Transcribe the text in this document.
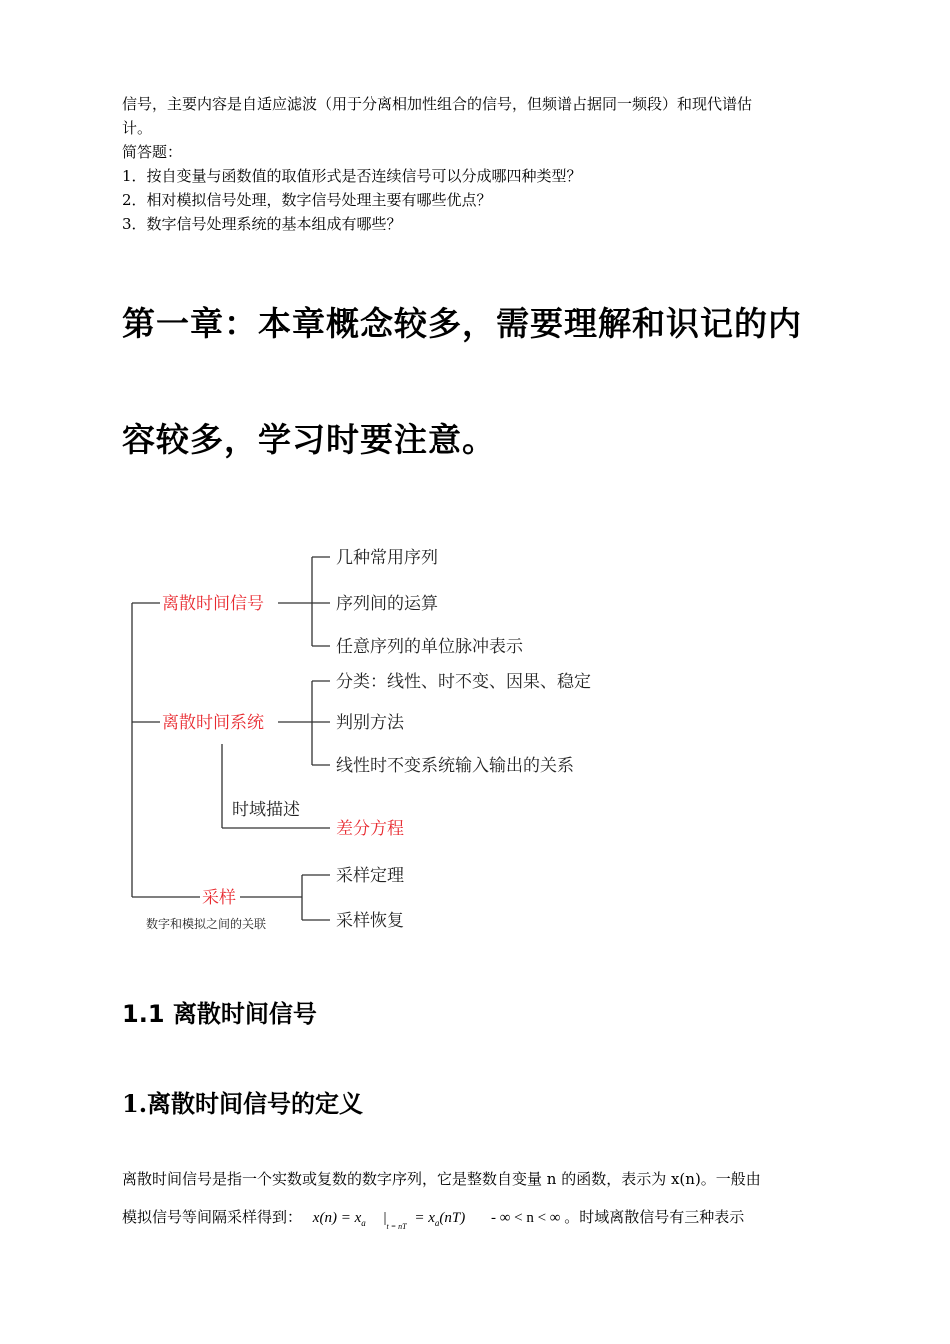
信号，主要内容是自适应滤波（用于分离相加性组合的信号，但频谱占据同一频段）和现代谱估

计。

简答题：

1．按自变量与函数值的取值形式是否连续信号可以分成哪四种类型？

2．相对模拟信号处理，数字信号处理主要有哪些优点？

3．数字信号处理系统的基本组成有哪些？

第一章：本章概念较多，需要理解和识记的内
容较多，学习时要注意。
离散时间信号
几种常用序列
序列间的运算
任意序列的单位脉冲表示
离散时间系统
分类：线性、时不变、因果、稳定
判别方法
线性时不变系统输入输出的关系
时域描述
差分方程
采样
数字和模拟之间的关联
采样定理
采样恢复
1.1 离散时间信号
1.离散时间信号的定义
离散时间信号是指一个实数或复数的数字序列，它是整数自变量 n 的函数，表示为 x(n)。一般由
模拟信号等间隔采样得到： $x(n) = x_a$ $|_{t = nT} = x_a(nT)$ - ∞ < n < ∞ 。时域离散信号有三种表示
